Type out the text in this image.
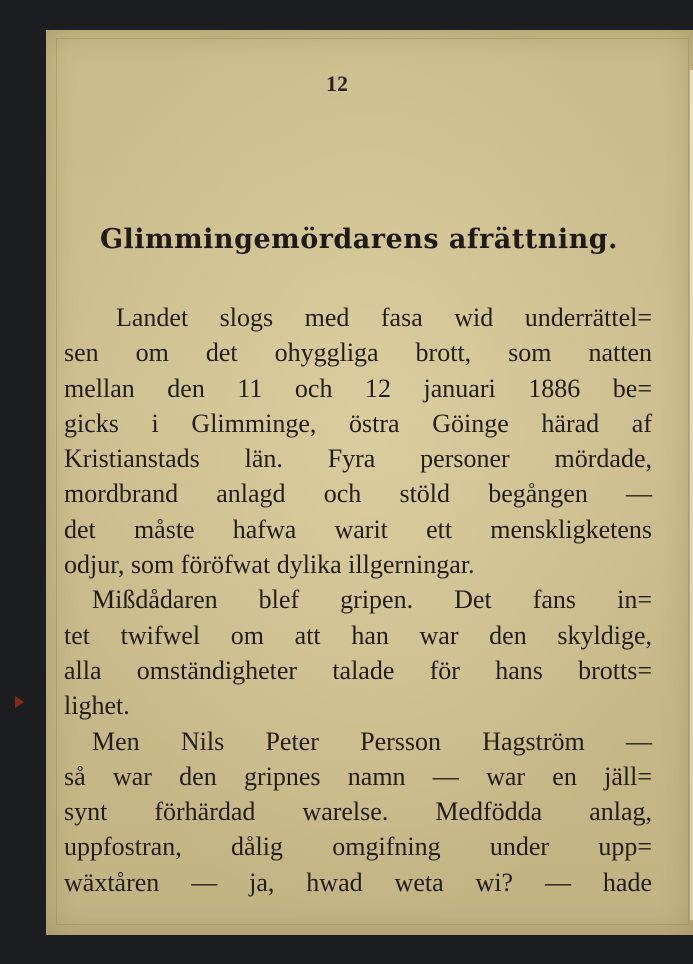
12
Glimmingemördarens afrättning.
Landet slogs med fasa wid underrättel=
sen om det ohyggliga brott, som natten
mellan den 11 och 12 januari 1886 be=
gicks i Glimminge, östra Göinge härad af
Kristianstads län. Fyra personer mördade,
mordbrand anlagd och stöld begången —
det måste hafwa warit ett menskligketens
odjur, som föröfwat dylika illgerningar.
Mißdådaren blef gripen. Det fans in=
tet twifwel om att han war den skyldige,
alla omständigheter talade för hans brotts=
lighet.
Men Nils Peter Persson Hagström —
så war den gripnes namn — war en jäll=
synt förhärdad warelse. Medfödda anlag,
uppfostran, dålig omgifning under upp=
wäxtåren — ja, hwad weta wi? — hade
